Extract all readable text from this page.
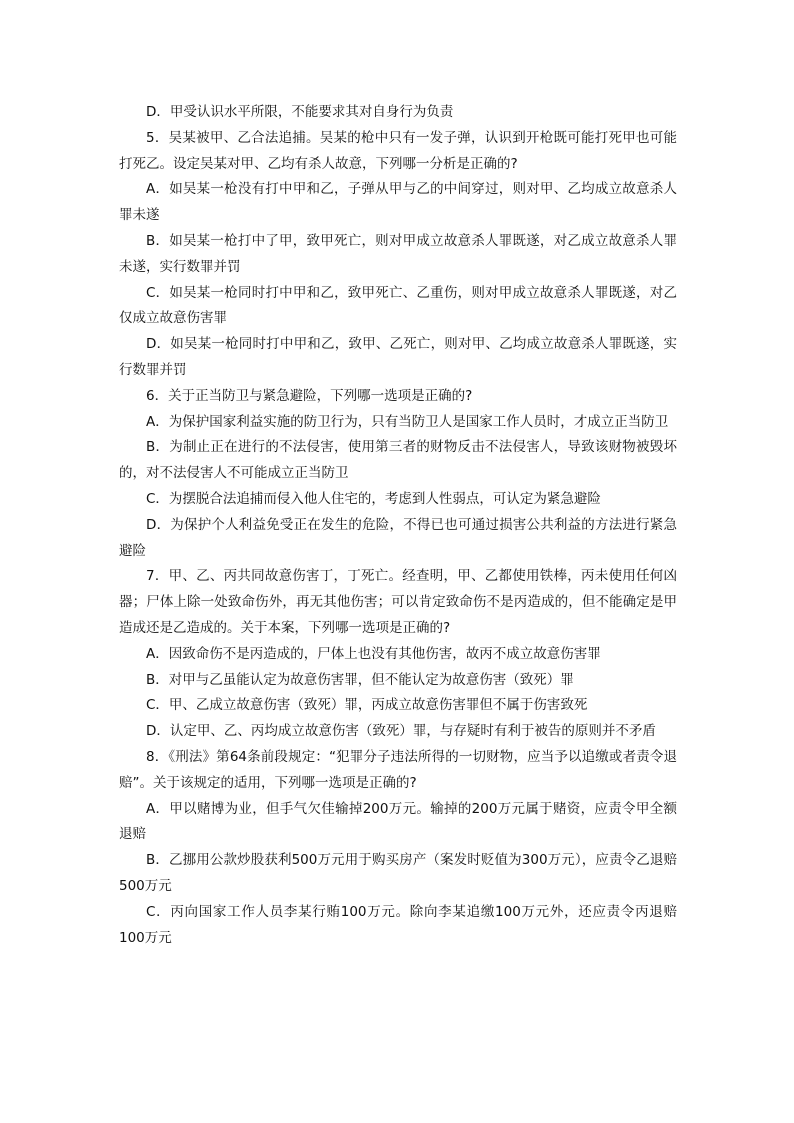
D．甲受认识水平所限，不能要求其对自身行为负责

5．吴某被甲、乙合法追捕。吴某的枪中只有一发子弹，认识到开枪既可能打死甲也可能打死乙。设定吴某对甲、乙均有杀人故意，下列哪一分析是正确的?

A．如吴某一枪没有打中甲和乙，子弹从甲与乙的中间穿过，则对甲、乙均成立故意杀人罪未遂

B．如吴某一枪打中了甲，致甲死亡，则对甲成立故意杀人罪既遂，对乙成立故意杀人罪未遂，实行数罪并罚

C．如吴某一枪同时打中甲和乙，致甲死亡、乙重伤，则对甲成立故意杀人罪既遂，对乙仅成立故意伤害罪

D．如吴某一枪同时打中甲和乙，致甲、乙死亡，则对甲、乙均成立故意杀人罪既遂，实行数罪并罚

6．关于正当防卫与紧急避险，下列哪一选项是正确的?

A．为保护国家利益实施的防卫行为，只有当防卫人是国家工作人员时，才成立正当防卫

B．为制止正在进行的不法侵害，使用第三者的财物反击不法侵害人，导致该财物被毁坏的，对不法侵害人不可能成立正当防卫

C．为摆脱合法追捕而侵入他人住宅的，考虑到人性弱点，可认定为紧急避险

D．为保护个人利益免受正在发生的危险，不得已也可通过损害公共利益的方法进行紧急避险

7．甲、乙、丙共同故意伤害丁，丁死亡。经查明，甲、乙都使用铁棒，丙未使用任何凶器；尸体上除一处致命伤外，再无其他伤害；可以肯定致命伤不是丙造成的，但不能确定是甲造成还是乙造成的。关于本案，下列哪一选项是正确的?

A．因致命伤不是丙造成的，尸体上也没有其他伤害，故丙不成立故意伤害罪

B．对甲与乙虽能认定为故意伤害罪，但不能认定为故意伤害（致死）罪

C．甲、乙成立故意伤害（致死）罪，丙成立故意伤害罪但不属于伤害致死

D．认定甲、乙、丙均成立故意伤害（致死）罪，与存疑时有利于被告的原则并不矛盾

8．《刑法》第64条前段规定：“犯罪分子违法所得的一切财物，应当予以追缴或者责令退赔”。关于该规定的适用，下列哪一选项是正确的?

A．甲以赌博为业，但手气欠佳输掉200万元。输掉的200万元属于赌资，应责令甲全额退赔

B．乙挪用公款炒股获利500万元用于购买房产（案发时贬值为300万元），应责令乙退赔500万元

C．丙向国家工作人员李某行贿100万元。除向李某追缴100万元外，还应责令丙退赔100万元
